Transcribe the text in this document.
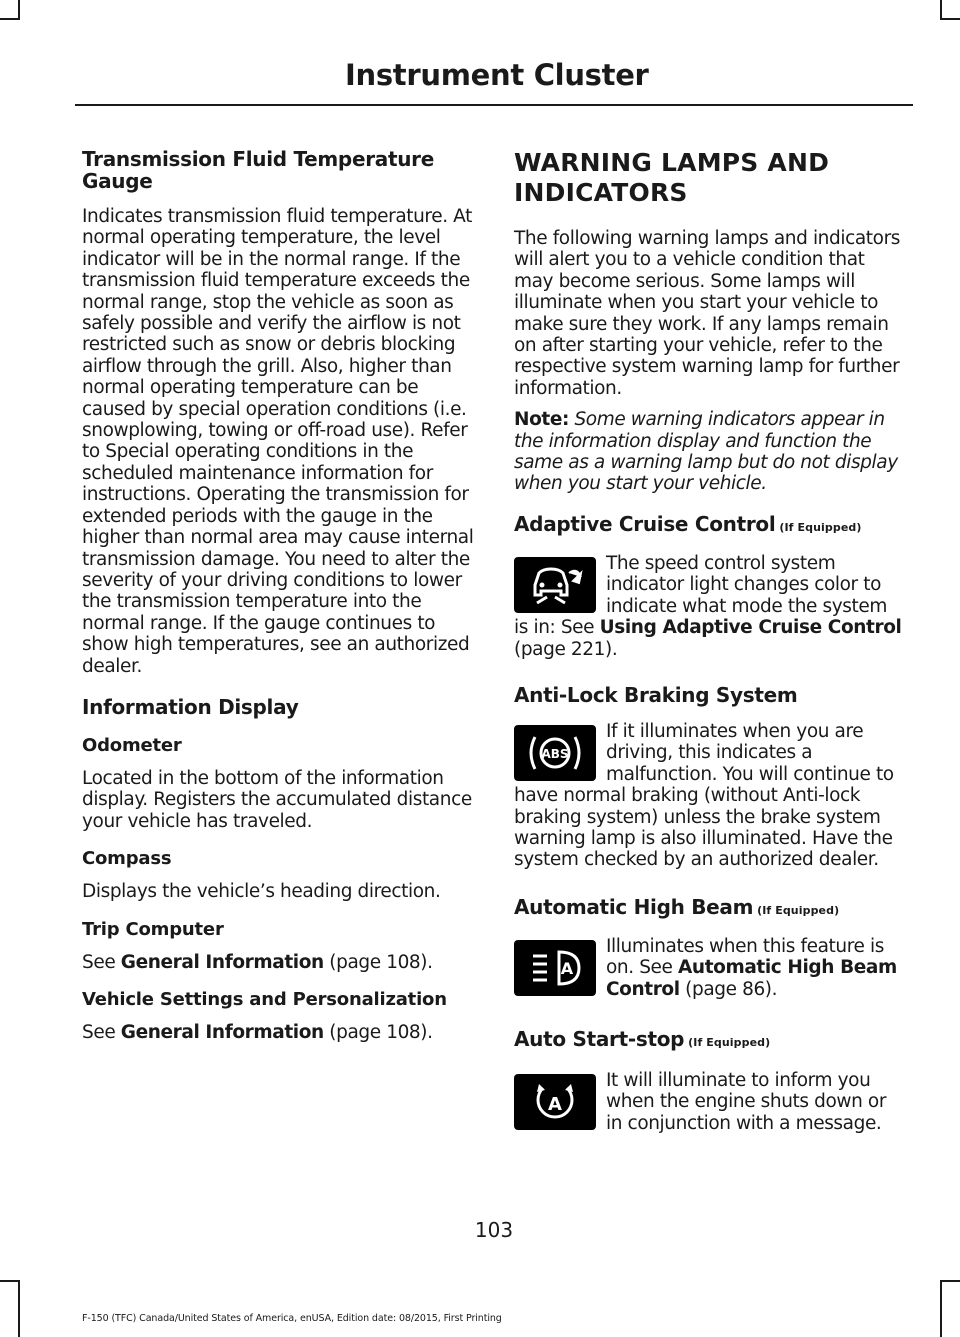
Instrument Cluster
Transmission Fluid Temperature Gauge

Indicates transmission fluid temperature. At normal operating temperature, the level indicator will be in the normal range. If the transmission fluid temperature exceeds the normal range, stop the vehicle as soon as safely possible and verify the airflow is not restricted such as snow or debris blocking airflow through the grill. Also, higher than normal operating temperature can be caused by special operation conditions (i.e. snowplowing, towing or off-road use). Refer to Special operating conditions in the scheduled maintenance information for instructions. Operating the transmission for extended periods with the gauge in the higher than normal area may cause internal transmission damage. You need to alter the severity of your driving conditions to lower the transmission temperature into the normal range. If the gauge continues to show high temperatures, see an authorized dealer.

Information Display
Odometer

Located in the bottom of the information display. Registers the accumulated distance your vehicle has traveled.

Compass

Displays the vehicle’s heading direction.

Trip Computer

See General Information (page 108).

Vehicle Settings and Personalization

See General Information (page 108).

WARNING LAMPS AND
INDICATORS

The following warning lamps and indicators will alert you to a vehicle condition that may become serious. Some lamps will illuminate when you start your vehicle to make sure they work. If any lamps remain on after starting your vehicle, refer to the respective system warning lamp for further information.

Note: Some warning indicators appear in the information display and function the same as a warning lamp but do not display when you start your vehicle.

Adaptive Cruise Control (If Equipped)

The speed control system indicator light changes color to indicate what mode the system is in: See Using Adaptive Cruise Control (page 221).

Anti-Lock Braking System
ABS

If it illuminates when you are driving, this indicates a malfunction. You will continue to have normal braking (without Anti-lock braking system) unless the brake system warning lamp is also illuminated. Have the system checked by an authorized dealer.

Automatic High Beam (If Equipped)
A

Illuminates when this feature is on. See Automatic High Beam Control (page 86).

Auto Start-stop (If Equipped)
A

It will illuminate to inform you when the engine shuts down or in conjunction with a message.

103
F-150 (TFC) Canada/United States of America, enUSA, Edition date: 08/2015, First Printing
